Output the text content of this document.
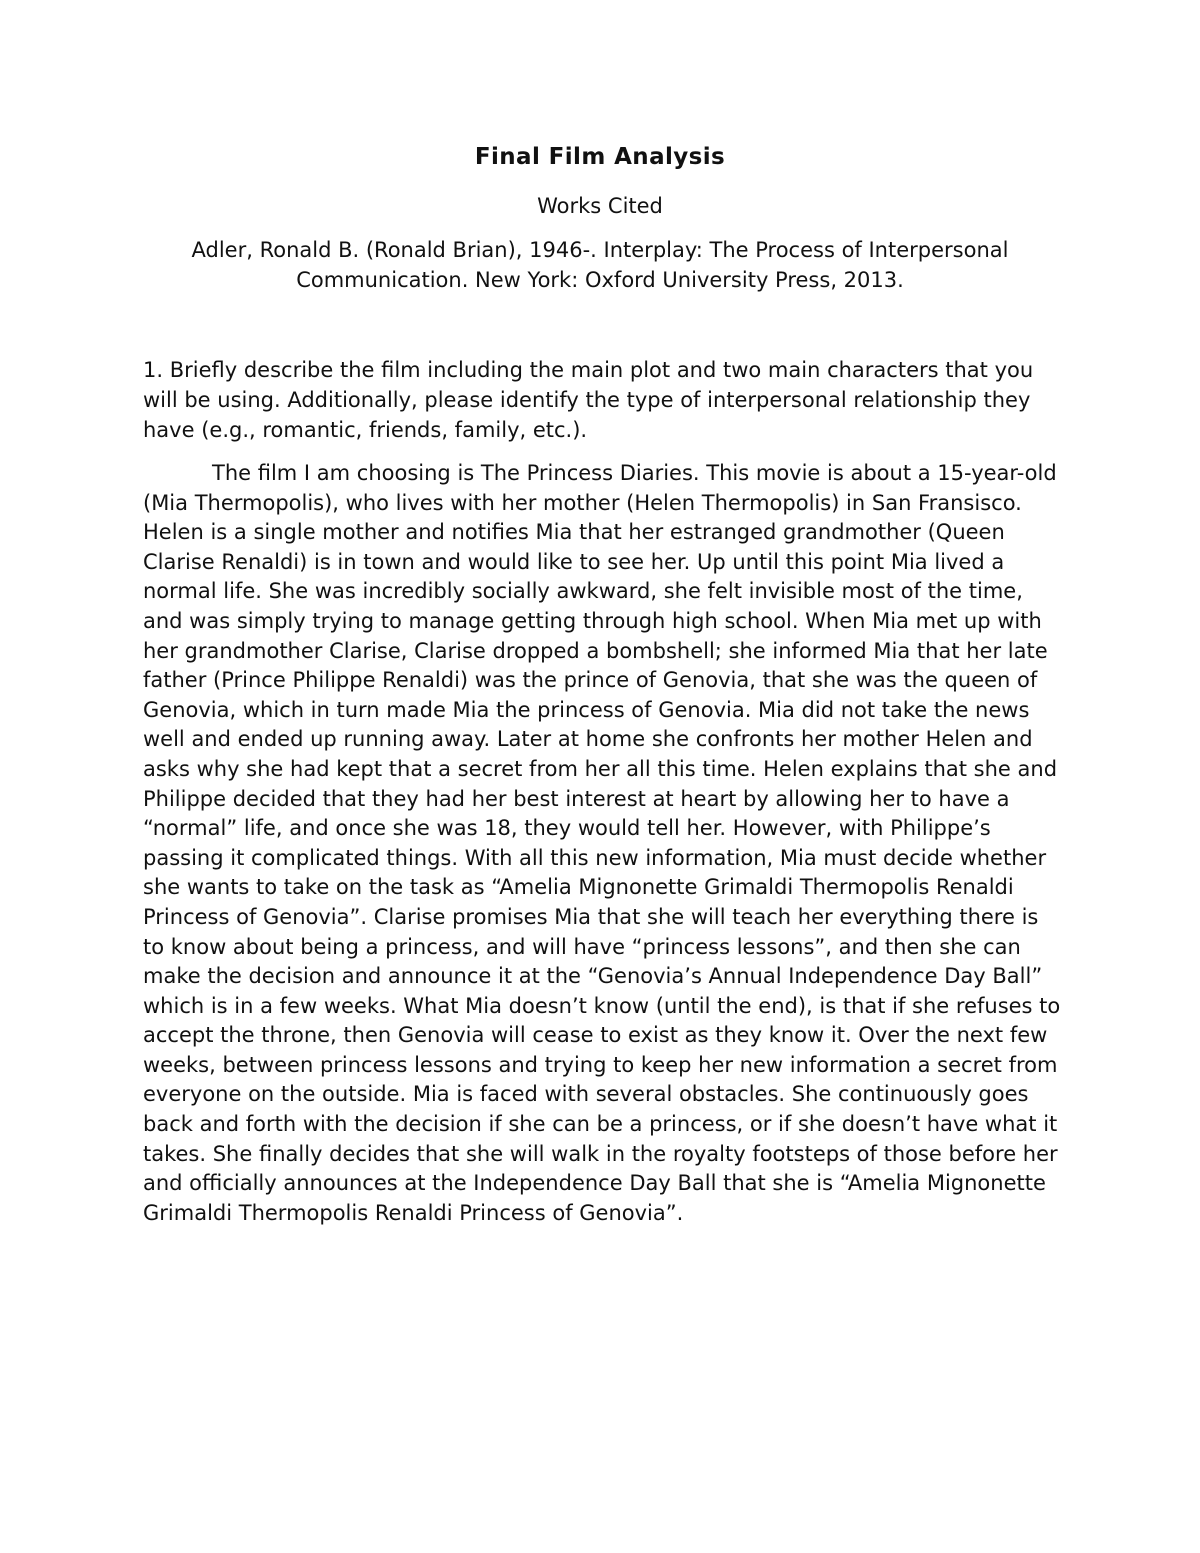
Final Film Analysis

Works Cited

Adler, Ronald B. (Ronald Brian), 1946-. Interplay: The Process of Interpersonal Communication. New York: Oxford University Press, 2013.

1. Briefly describe the film including the main plot and two main characters that you will be using. Additionally, please identify the type of interpersonal relationship they have (e.g., romantic, friends, family, etc.).

The film I am choosing is The Princess Diaries. This movie is about a 15-year-old (Mia Thermopolis), who lives with her mother (Helen Thermopolis) in San Fransisco. Helen is a single mother and notifies Mia that her estranged grandmother (Queen Clarise Renaldi) is in town and would like to see her. Up until this point Mia lived a normal life. She was incredibly socially awkward, she felt invisible most of the time, and was simply trying to manage getting through high school. When Mia met up with her grandmother Clarise, Clarise dropped a bombshell; she informed Mia that her late father (Prince Philippe Renaldi) was the prince of Genovia, that she was the queen of Genovia, which in turn made Mia the princess of Genovia. Mia did not take the news well and ended up running away. Later at home she confronts her mother Helen and asks why she had kept that a secret from her all this time. Helen explains that she and Philippe decided that they had her best interest at heart by allowing her to have a “normal” life, and once she was 18, they would tell her. However, with Philippe’s passing it complicated things. With all this new information, Mia must decide whether she wants to take on the task as “Amelia Mignonette Grimaldi Thermopolis Renaldi Princess of Genovia”. Clarise promises Mia that she will teach her everything there is to know about being a princess, and will have “princess lessons”, and then she can make the decision and announce it at the “Genovia’s Annual Independence Day Ball” which is in a few weeks. What Mia doesn’t know (until the end), is that if she refuses to accept the throne, then Genovia will cease to exist as they know it. Over the next few weeks, between princess lessons and trying to keep her new information a secret from everyone on the outside. Mia is faced with several obstacles. She continuously goes back and forth with the decision if she can be a princess, or if she doesn’t have what it takes. She finally decides that she will walk in the royalty footsteps of those before her and officially announces at the Independence Day Ball that she is “Amelia Mignonette Grimaldi Thermopolis Renaldi Princess of Genovia”.
